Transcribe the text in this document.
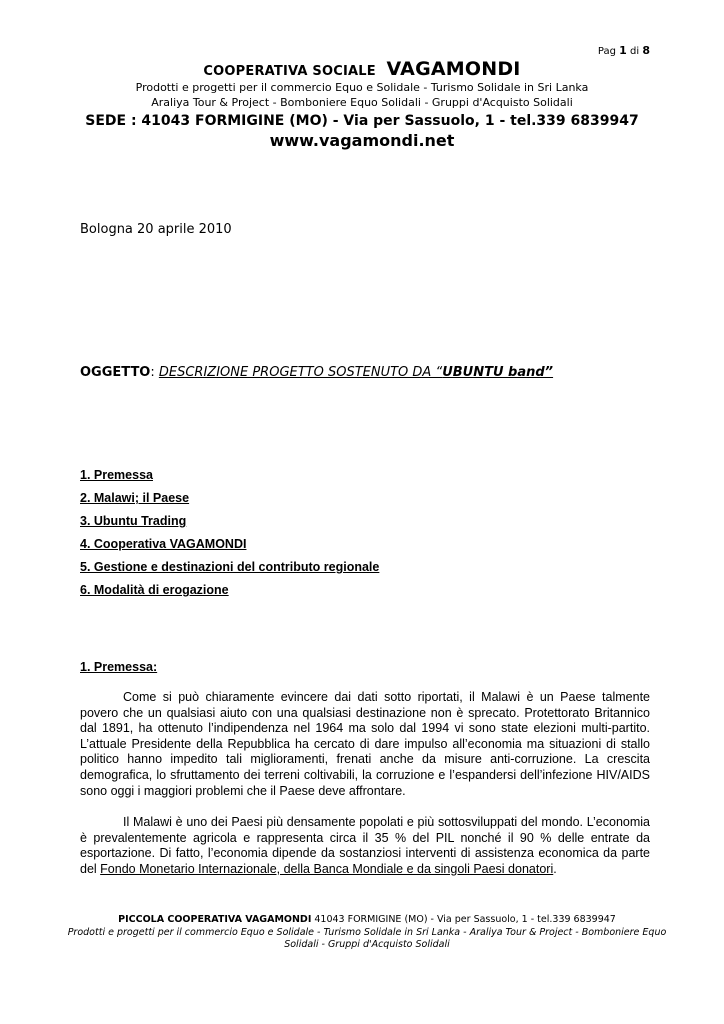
Pag 1 di 8
COOPERATIVA SOCIALE VAGAMONDI
Prodotti e progetti per il commercio Equo e Solidale - Turismo Solidale in Sri Lanka
Araliya Tour & Project - Bomboniere Equo Solidali - Gruppi d'Acquisto Solidali
SEDE : 41043 FORMIGINE (MO) - Via per Sassuolo, 1 - tel.339 6839947
www.vagamondi.net
Bologna 20 aprile 2010
OGGETTO: DESCRIZIONE PROGETTO SOSTENUTO DA “UBUNTU band”
1. Premessa
2. Malawi; il Paese
3. Ubuntu Trading
4. Cooperativa VAGAMONDI
5. Gestione e destinazioni del contributo regionale
6. Modalità di erogazione
1. Premessa:

Come si può chiaramente evincere dai dati sotto riportati, il Malawi è un Paese talmente povero che un qualsiasi aiuto con una qualsiasi destinazione non è sprecato. Protettorato Britannico dal 1891, ha ottenuto l’indipendenza nel 1964 ma solo dal 1994 vi sono state elezioni multi-partito. L’attuale Presidente della Repubblica ha cercato di dare impulso all’economia ma situazioni di stallo politico hanno impedito tali miglioramenti, frenati anche da misure anti-corruzione. La crescita demografica, lo sfruttamento dei terreni coltivabili, la corruzione e l’espandersi dell’infezione HIV/AIDS sono oggi i maggiori problemi che il Paese deve affrontare.

Il Malawi è uno dei Paesi più densamente popolati e più sottosviluppati del mondo. L’economia è prevalentemente agricola e rappresenta circa il 35 % del PIL nonché il 90 % delle entrate da esportazione. Di fatto, l’economia dipende da sostanziosi interventi di assistenza economica da parte del Fondo Monetario Internazionale, della Banca Mondiale e da singoli Paesi donatori.

PICCOLA COOPERATIVA VAGAMONDI 41043 FORMIGINE (MO) - Via per Sassuolo, 1 - tel.339 6839947
Prodotti e progetti per il commercio Equo e Solidale - Turismo Solidale in Sri Lanka - Araliya Tour & Project - Bomboniere Equo Solidali - Gruppi d'Acquisto Solidali
